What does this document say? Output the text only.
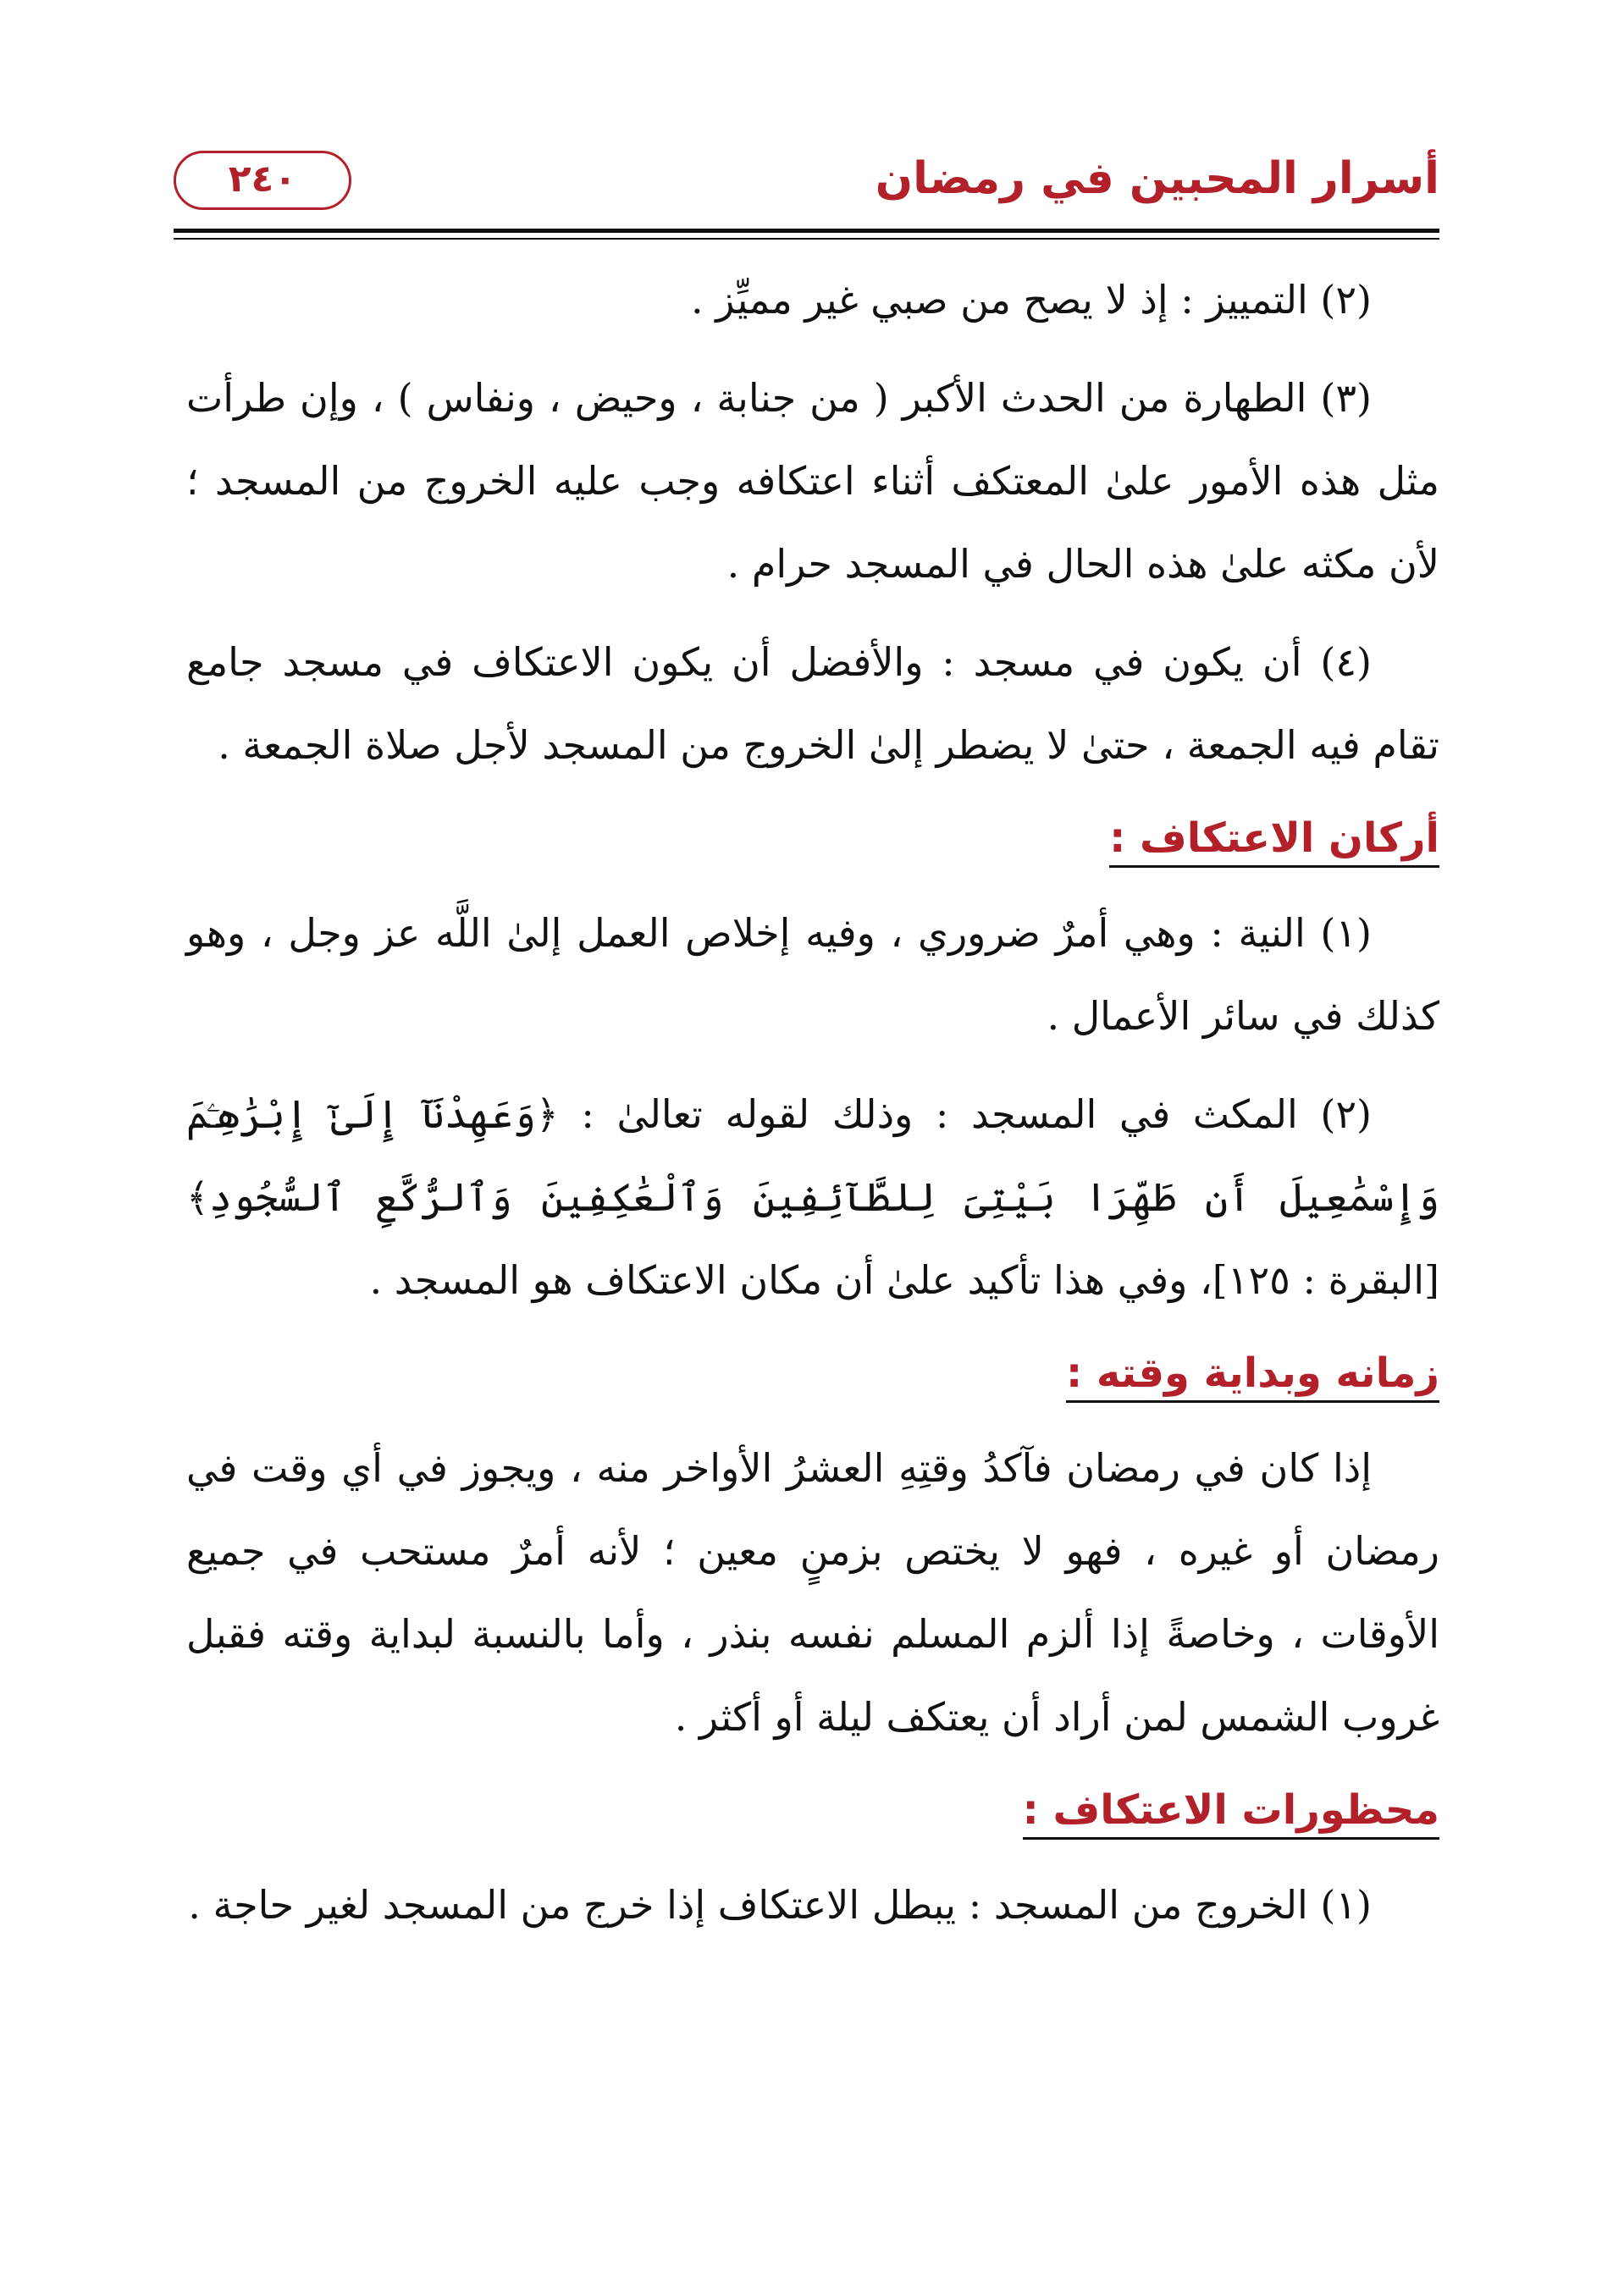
أسرار المحبين في رمضان
٢٤٠

(٢) التمييز : إذ لا يصح من صبي غير مميِّز .

(٣) الطهارة من الحدث الأكبر ( من جنابة ، وحيض ، ونفاس ) ، وإن طرأت مثل هذه الأمور علىٰ المعتكف أثناء اعتكافه وجب عليه الخروج من المسجد ؛ لأن مكثه علىٰ هذه الحال في المسجد حرام .

(٤) أن يكون في مسجد : والأفضل أن يكون الاعتكاف في مسجد جامع تقام فيه الجمعة ، حتىٰ لا يضطر إلىٰ الخروج من المسجد لأجل صلاة الجمعة .

أركان الاعتكاف :

(١) النية : وهي أمرٌ ضروري ، وفيه إخلاص العمل إلىٰ اللَّه عز وجل ، وهو كذلك في سائر الأعمال .

(٢) المكث في المسجد : وذلك لقوله تعالىٰ : ﴿وَعَهِدْنَآ إِلَىٰٓ إِبْرَٰهِـۧمَ وَإِسْمَٰعِيلَ أَن طَهِّرَا بَيْتِىَ لِلطَّآئِفِينَ وَٱلْعَٰكِفِينَ وَٱلرُّكَّعِ ٱلسُّجُودِ﴾ [البقرة : ١٢٥]، وفي هذا تأكيد علىٰ أن مكان الاعتكاف هو المسجد .

زمانه وبداية وقته :

إذا كان في رمضان فآكدُ وقتِهِ العشرُ الأواخر منه ، ويجوز في أي وقت في رمضان أو غيره ، فهو لا يختص بزمنٍ معين ؛ لأنه أمرٌ مستحب في جميع الأوقات ، وخاصةً إذا ألزم المسلم نفسه بنذر ، وأما بالنسبة لبداية وقته فقبل غروب الشمس لمن أراد أن يعتكف ليلة أو أكثر .

محظورات الاعتكاف :

(١) الخروج من المسجد : يبطل الاعتكاف إذا خرج من المسجد لغير حاجة .
